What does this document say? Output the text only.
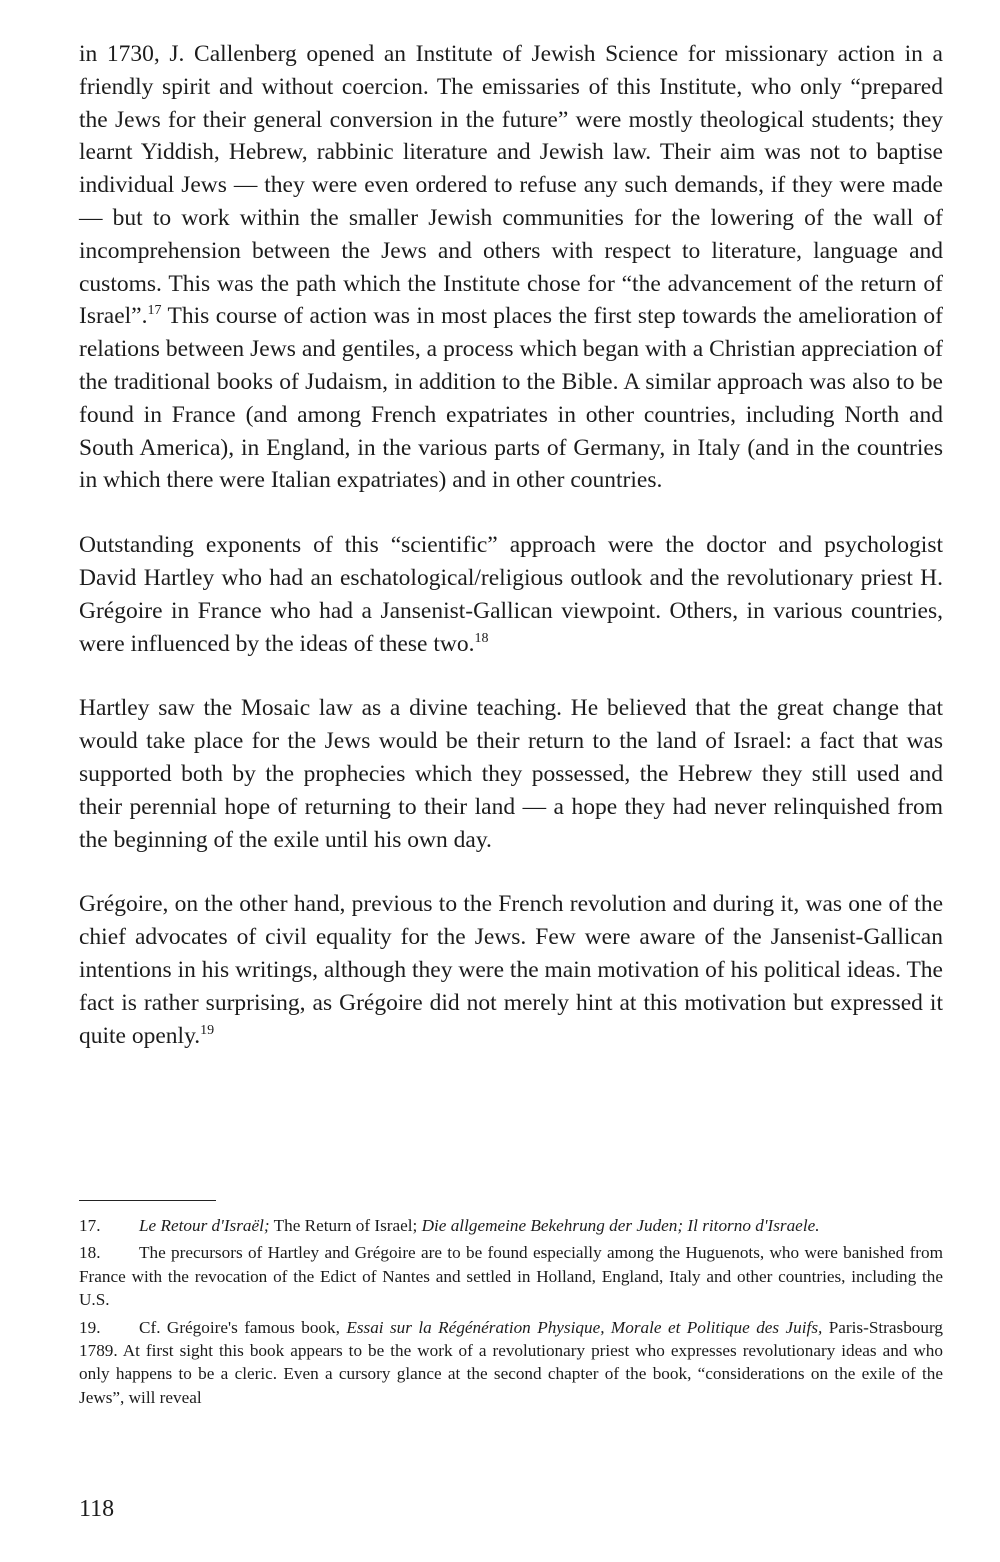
in 1730, J. Callenberg opened an Institute of Jewish Science for missionary action in a friendly spirit and without coercion. The emissaries of this Institute, who only “prepared the Jews for their general conversion in the future” were mostly theological students; they learnt Yiddish, Hebrew, rabbinic literature and Jewish law. Their aim was not to baptise individual Jews — they were even ordered to refuse any such demands, if they were made — but to work within the smaller Jewish communities for the lowering of the wall of incomprehension between the Jews and others with respect to literature, language and customs. This was the path which the Institute chose for “the advancement of the return of Israel”.$^{17}$ This course of action was in most places the first step towards the amelioration of relations between Jews and gentiles, a process which began with a Christian appreciation of the traditional books of Judaism, in addition to the Bible. A similar approach was also to be found in France (and among French expatriates in other countries, including North and South America), in England, in the various parts of Germany, in Italy (and in the countries in which there were Italian expatriates) and in other countries.

Outstanding exponents of this “scientific” approach were the doctor and psychologist David Hartley who had an eschatological/religious outlook and the revolutionary priest H. Grégoire in France who had a Jansenist-Gallican viewpoint. Others, in various countries, were influenced by the ideas of these two.$^{18}$

Hartley saw the Mosaic law as a divine teaching. He believed that the great change that would take place for the Jews would be their return to the land of Israel: a fact that was supported both by the prophecies which they possessed, the Hebrew they still used and their perennial hope of returning to their land — a hope they had never relinquished from the beginning of the exile until his own day.

Grégoire, on the other hand, previous to the French revolution and during it, was one of the chief advocates of civil equality for the Jews. Few were aware of the Jansenist-Gallican intentions in his writings, although they were the main motivation of his political ideas. The fact is rather surprising, as Grégoire did not merely hint at this motivation but expressed it quite openly.$^{19}$

17. Le Retour d'Israël; The Return of Israel; Die allgemeine Bekehrung der Juden; Il ritorno d'Israele.

18. The precursors of Hartley and Grégoire are to be found especially among the Huguenots, who were banished from France with the revocation of the Edict of Nantes and settled in Holland, England, Italy and other countries, including the U.S.

19. Cf. Grégoire's famous book, Essai sur la Régénération Physique, Morale et Politique des Juifs, Paris-Strasbourg 1789. At first sight this book appears to be the work of a revolutionary priest who expresses revolutionary ideas and who only happens to be a cleric. Even a cursory glance at the second chapter of the book, “considerations on the exile of the Jews”, will reveal

118
